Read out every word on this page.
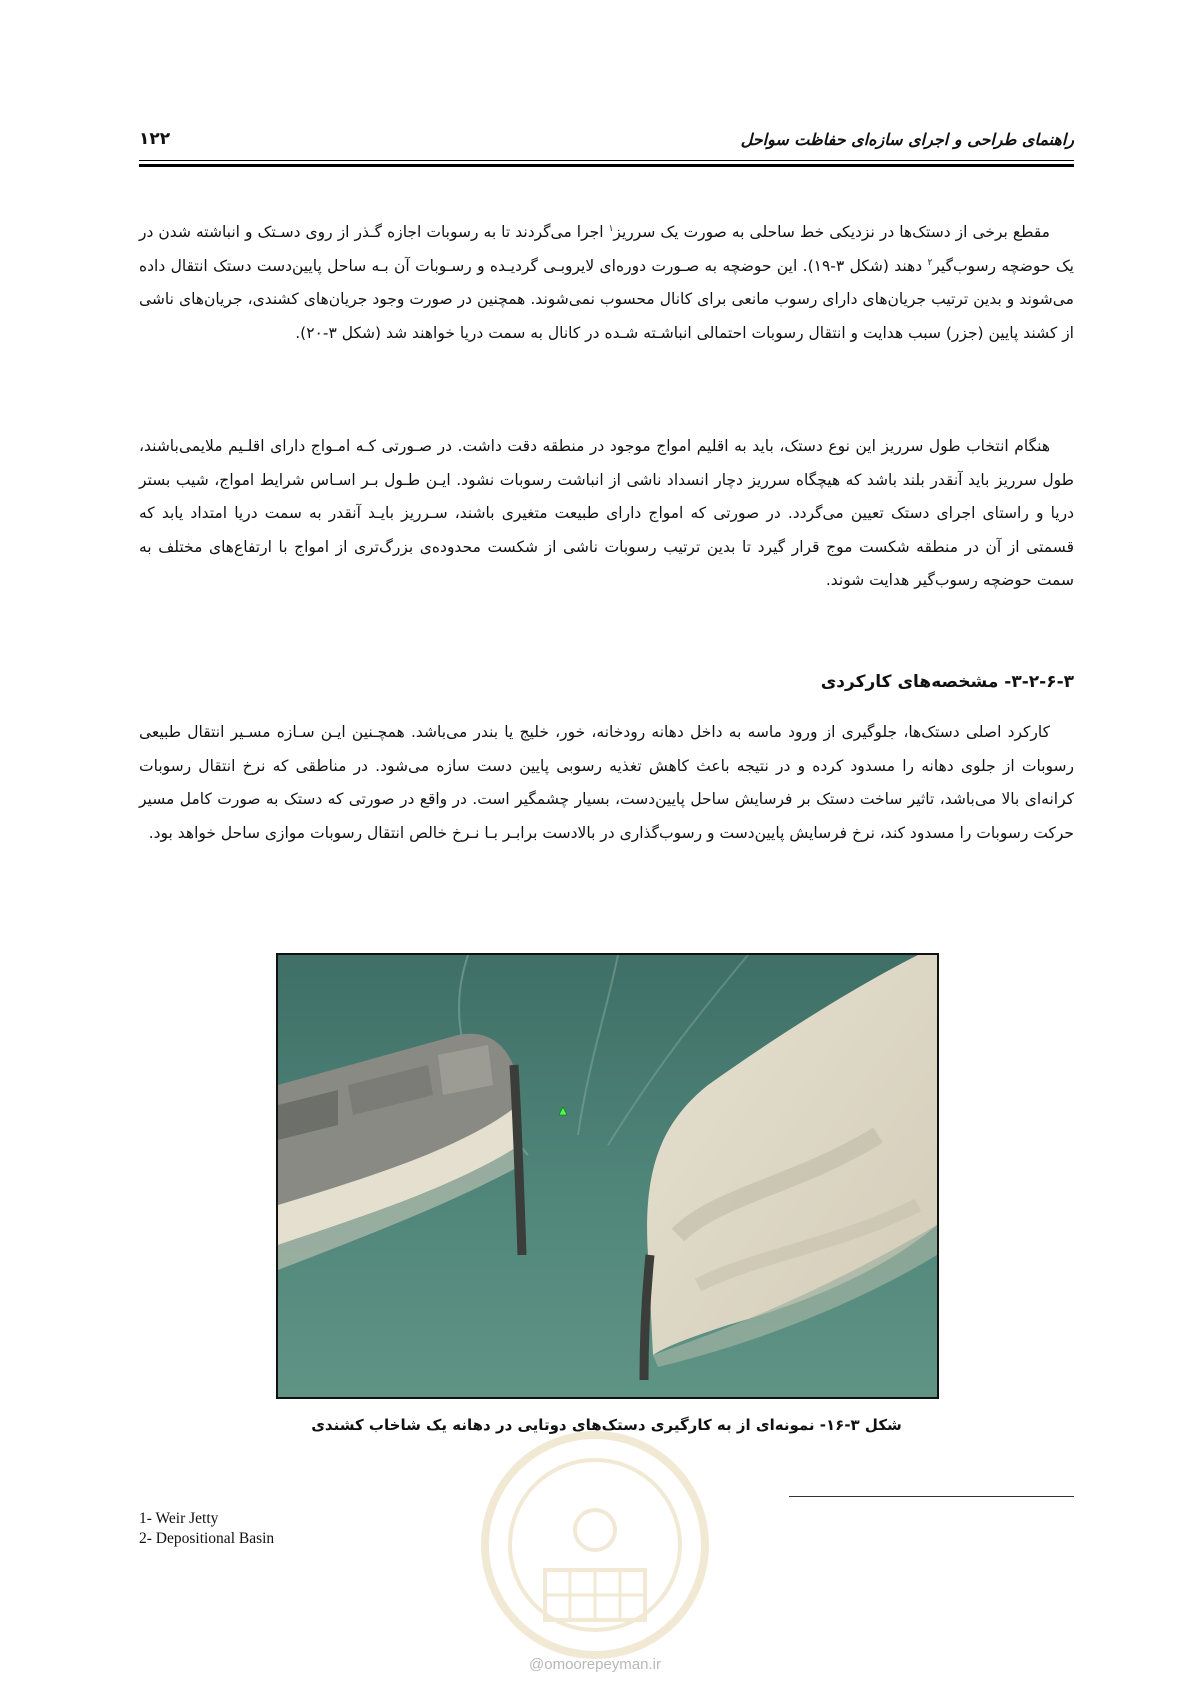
راهنمای طراحی و اجرای سازه‌ای حفاظت سواحل
۱۲۲

مقطع برخی از دستک‌ها در نزدیکی خط ساحلی به صورت یک سرریز$^۱$ اجرا می‌گردند تا به رسوبات اجازه گـذر از روی دسـتک و انباشته شدن در یک حوضچه رسوب‌گیر$^۲$ دهند (شکل ۳-۱۹). این حوضچه به صـورت دوره‌ای لایروبـی گردیـده و رسـوبات آن بـه ساحل پایین‌دست دستک انتقال داده می‌شوند و بدین ترتیب جریان‌های دارای رسوب مانعی برای کانال محسوب نمی‌شوند. همچنین در صورت وجود جریان‌های کشندی، جریان‌های ناشی از کشند پایین (جزر) سبب هدایت و انتقال رسوبات احتمالی انباشـته شـده در کانال به سمت دریا خواهند شد (شکل ۳-۲۰).

هنگام انتخاب طول سرریز این نوع دستک، باید به اقلیم امواج موجود در منطقه دقت داشت. در صـورتی کـه امـواج دارای اقلـیم ملایمی‌باشند، طول سرریز باید آنقدر بلند باشد که هیچگاه سرریز دچار انسداد ناشی از انباشت رسوبات نشود. ایـن طـول بـر اسـاس شرایط امواج، شیب بستر دریا و راستای اجرای دستک تعیین می‌گردد. در صورتی که امواج دارای طبیعت متغیری باشند، سـرریز بایـد آنقدر به سمت دریا امتداد یابد که قسمتی از آن در منطقه شکست موج قرار گیرد تا بدین ترتیب رسوبات ناشی از شکست محدوده‌ی بزرگ‌تری از امواج با ارتفاع‌های مختلف به سمت حوضچه رسوب‌گیر هدایت شوند.

۳-۲-۶-۳- مشخصه‌های کارکردی

کارکرد اصلی دستک‌ها، جلوگیری از ورود ماسه به داخل دهانه رودخانه، خور، خلیج یا بندر می‌باشد. همچـنین ایـن سـازه مسـیر انتقال طبیعی رسوبات از جلوی دهانه را مسدود کرده و در نتیجه باعث کاهش تغذیه رسوبی پایین دست سازه می‌شود. در مناطقی که نرخ انتقال رسوبات کرانه‌ای بالا می‌باشد، تاثیر ساخت دستک بر فرسایش ساحل پایین‌دست، بسیار چشمگیر است. در واقع در صورتی که دستک به صورت کامل مسیر حرکت رسوبات را مسدود کند، نرخ فرسایش پایین‌دست و رسوب‌گذاری در بالادست برابـر بـا نـرخ خالص انتقال رسوبات موازی ساحل خواهد بود.

شکل ۳-۱۶- نمونه‌ای از به کارگیری دستک‌های دوتایی در دهانه یک شاخاب کشندی
1- Weir Jetty
2- Depositional Basin
@omoorepeyman.ir
